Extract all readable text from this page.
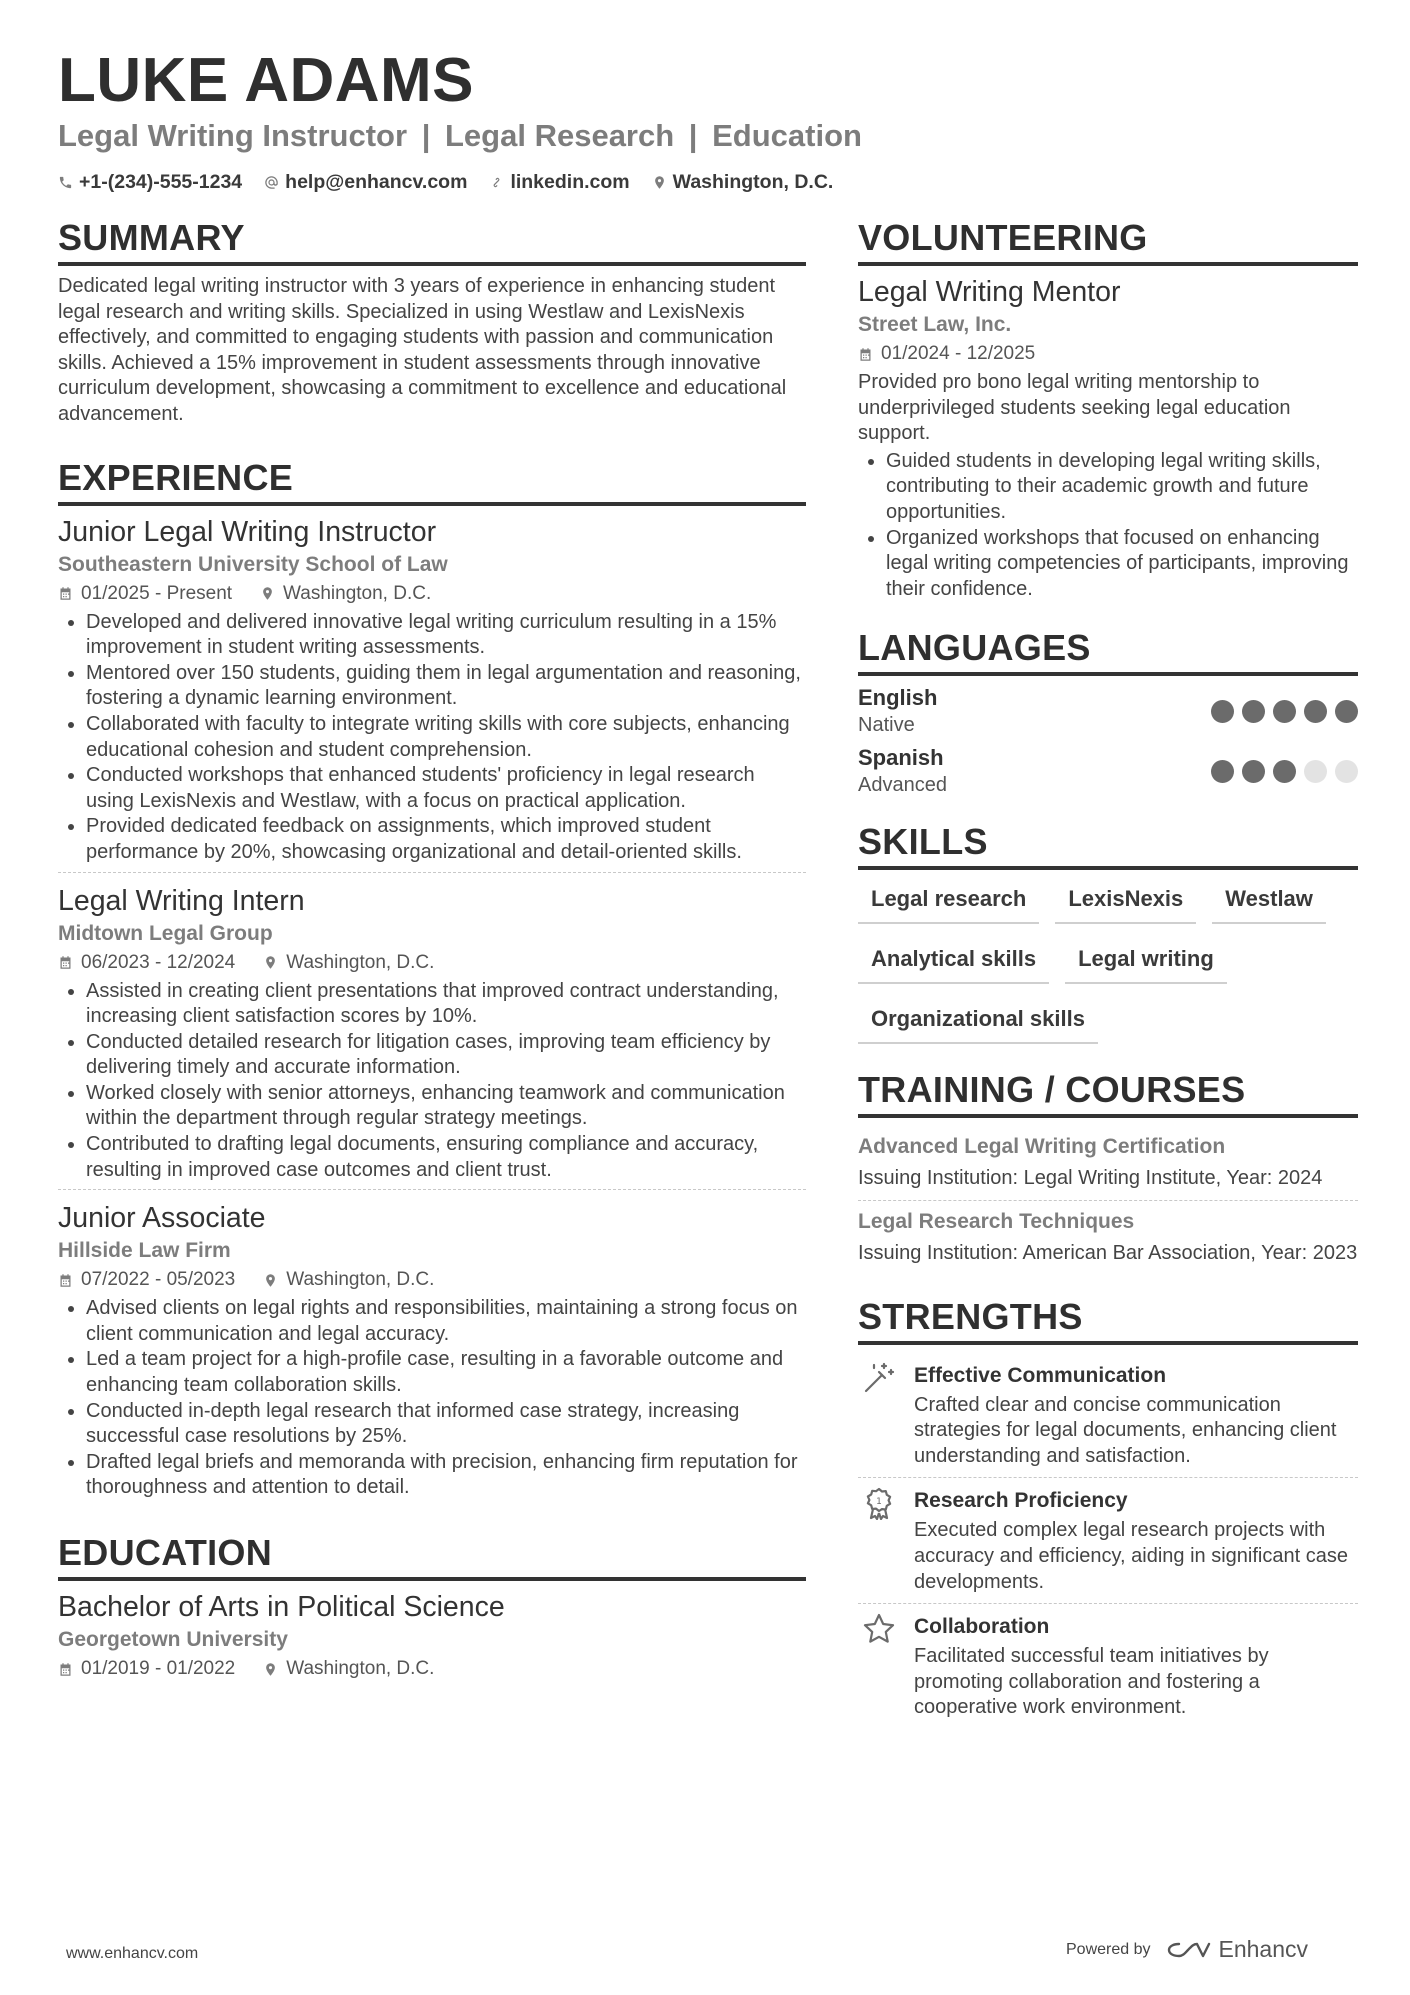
LUKE ADAMS
Legal Writing Instructor | Legal Research | Education
+1-(234)-555-1234 help@enhancv.com linkedin.com Washington, D.C.
SUMMARY
Dedicated legal writing instructor with 3 years of experience in enhancing student legal research and writing skills. Specialized in using Westlaw and LexisNexis effectively, and committed to engaging students with passion and communication skills. Achieved a 15% improvement in student assessments through innovative curriculum development, showcasing a commitment to excellence and educational advancement.
EXPERIENCE
Junior Legal Writing Instructor
Southeastern University School of Law
01/2025 - Present	Washington, D.C.
• Developed and delivered innovative legal writing curriculum resulting in a 15% improvement in student writing assessments.
• Mentored over 150 students, guiding them in legal argumentation and reasoning, fostering a dynamic learning environment.
• Collaborated with faculty to integrate writing skills with core subjects, enhancing educational cohesion and student comprehension.
• Conducted workshops that enhanced students' proficiency in legal research using LexisNexis and Westlaw, with a focus on practical application.
• Provided dedicated feedback on assignments, which improved student performance by 20%, showcasing organizational and detail-oriented skills.
Legal Writing Intern
Midtown Legal Group
06/2023 - 12/2024	Washington, D.C.
• Assisted in creating client presentations that improved contract understanding, increasing client satisfaction scores by 10%.
• Conducted detailed research for litigation cases, improving team efficiency by delivering timely and accurate information.
• Worked closely with senior attorneys, enhancing teamwork and communication within the department through regular strategy meetings.
• Contributed to drafting legal documents, ensuring compliance and accuracy, resulting in improved case outcomes and client trust.
Junior Associate
Hillside Law Firm
07/2022 - 05/2023	Washington, D.C.
• Advised clients on legal rights and responsibilities, maintaining a strong focus on client communication and legal accuracy.
• Led a team project for a high-profile case, resulting in a favorable outcome and enhancing team collaboration skills.
• Conducted in-depth legal research that informed case strategy, increasing successful case resolutions by 25%.
• Drafted legal briefs and memoranda with precision, enhancing firm reputation for thoroughness and attention to detail.
EDUCATION
Bachelor of Arts in Political Science
Georgetown University
01/2019 - 01/2022	Washington, D.C.
VOLUNTEERING
Legal Writing Mentor
Street Law, Inc.
01/2024 - 12/2025
Provided pro bono legal writing mentorship to underprivileged students seeking legal education support.
• Guided students in developing legal writing skills, contributing to their academic growth and future opportunities.
• Organized workshops that focused on enhancing legal writing competencies of participants, improving their confidence.
LANGUAGES
English
Native
Spanish
Advanced
SKILLS
Legal research	LexisNexis	Westlaw
Analytical skills	Legal writing
Organizational skills
TRAINING / COURSES
Advanced Legal Writing Certification
Issuing Institution: Legal Writing Institute, Year: 2024
Legal Research Techniques
Issuing Institution: American Bar Association, Year: 2023
STRENGTHS
Effective Communication
Crafted clear and concise communication strategies for legal documents, enhancing client understanding and satisfaction.
1 Research Proficiency
Executed complex legal research projects with accuracy and efficiency, aiding in significant case developments.
Collaboration
Facilitated successful team initiatives by promoting collaboration and fostering a cooperative work environment.
www.enhancv.com	Powered by	Enhancv
